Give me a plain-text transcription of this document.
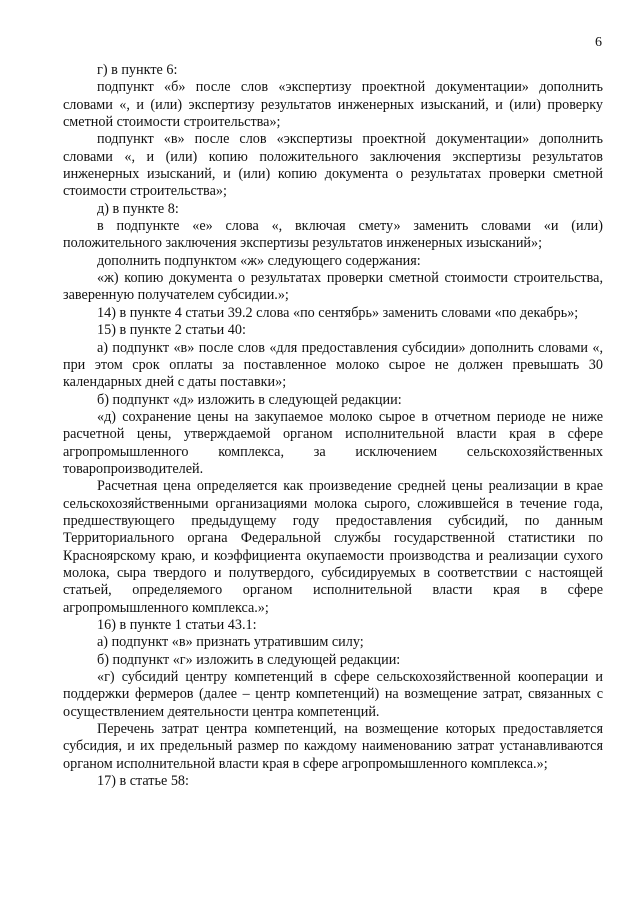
6

г) в пункте 6:

подпункт «б» после слов «экспертизу проектной документации» дополнить словами «, и (или) экспертизу результатов инженерных изысканий, и (или) проверку сметной стоимости строительства»;

подпункт «в» после слов «экспертизы проектной документации» дополнить словами «, и (или) копию положительного заключения экспертизы результатов инженерных изысканий, и (или) копию документа о результатах проверки сметной стоимости строительства»;

д) в пункте 8:

в подпункте «е» слова «, включая смету» заменить словами «и (или) положительного заключения экспертизы результатов инженерных изысканий»;

дополнить подпунктом «ж» следующего содержания:

«ж) копию документа о результатах проверки сметной стоимости строительства, заверенную получателем субсидии.»;

14) в пункте 4 статьи 39.2 слова «по сентябрь» заменить словами «по декабрь»;

15) в пункте 2 статьи 40:

а) подпункт «в» после слов «для предоставления субсидии» дополнить словами «, при этом срок оплаты за поставленное молоко сырое не должен превышать 30 календарных дней с даты поставки»;

б) подпункт «д» изложить в следующей редакции:

«д) сохранение цены на закупаемое молоко сырое в отчетном периоде не ниже расчетной цены, утверждаемой органом исполнительной власти края в сфере агропромышленного комплекса, за исключением сельскохозяйственных товаропроизводителей.

Расчетная цена определяется как произведение средней цены реализации в крае сельскохозяйственными организациями молока сырого, сложившейся в течение года, предшествующего предыдущему году предоставления субсидий, по данным Территориального органа Федеральной службы государственной статистики по Красноярскому краю, и коэффициента окупаемости производства и реализации сухого молока, сыра твердого и полутвердого, субсидируемых в соответствии с настоящей статьей, определяемого органом исполнительной власти края в сфере агропромышленного комплекса.»;

16) в пункте 1 статьи 43.1:

а) подпункт «в» признать утратившим силу;

б) подпункт «г» изложить в следующей редакции:

«г) субсидий центру компетенций в сфере сельскохозяйственной кооперации и поддержки фермеров (далее – центр компетенций) на возмещение затрат, связанных с осуществлением деятельности центра компетенций.

Перечень затрат центра компетенций, на возмещение которых предоставляется субсидия, и их предельный размер по каждому наименованию затрат устанавливаются органом исполнительной власти края в сфере агропромышленного комплекса.»;

17) в статье 58:
